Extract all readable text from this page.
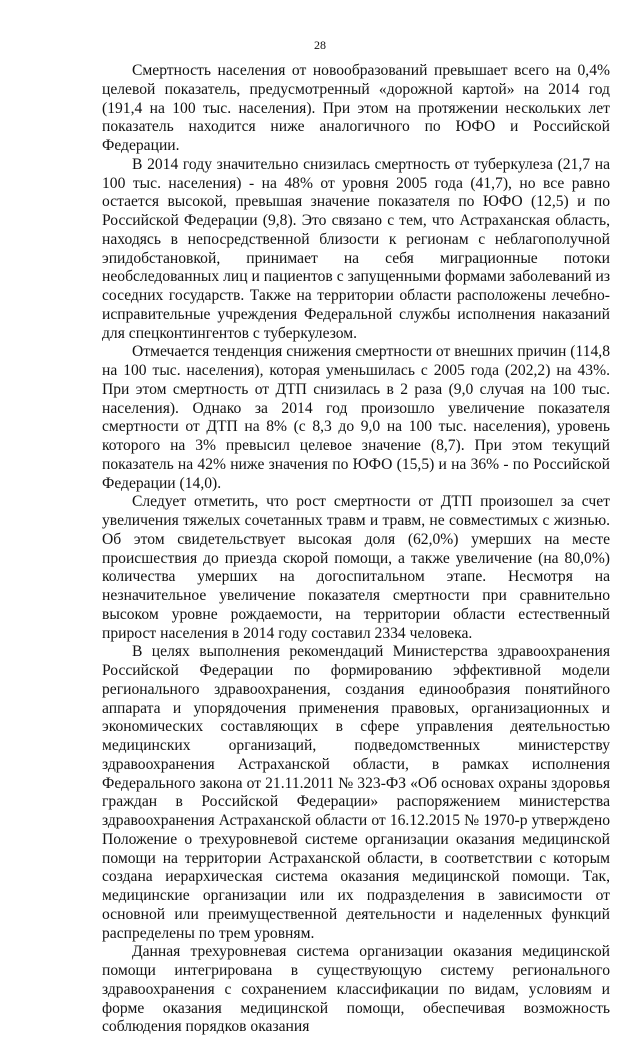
28

Смертность населения от новообразований превышает всего на 0,4% целевой показатель, предусмотренный «дорожной картой» на 2014 год (191,4 на 100 тыс. населения). При этом на протяжении нескольких лет показатель находится ниже аналогичного по ЮФО и Российской Федерации.

В 2014 году значительно снизилась смертность от туберкулеза (21,7 на 100 тыс. населения) - на 48% от уровня 2005 года (41,7), но все равно остается высокой, превышая значение показателя по ЮФО (12,5) и по Российской Федерации (9,8). Это связано с тем, что Астраханская область, находясь в непосредственной близости к регионам с неблагополучной эпидобстановкой, принимает на себя миграционные потоки необследованных лиц и пациентов с запущенными формами заболеваний из соседних государств. Также на территории области расположены лечебно-исправительные учреждения Федеральной службы исполнения наказаний для спецконтингентов с туберкулезом.

Отмечается тенденция снижения смертности от внешних причин (114,8 на 100 тыс. населения), которая уменьшилась с 2005 года (202,2) на 43%. При этом смертность от ДТП снизилась в 2 раза (9,0 случая на 100 тыс. населения). Однако за 2014 год произошло увеличение показателя смертности от ДТП на 8% (с 8,3 до 9,0 на 100 тыс. населения), уровень которого на 3% превысил целевое значение (8,7). При этом текущий показатель на 42% ниже значения по ЮФО (15,5) и на 36% - по Российской Федерации (14,0).

Следует отметить, что рост смертности от ДТП произошел за счет увеличения тяжелых сочетанных травм и травм, не совместимых с жизнью. Об этом свидетельствует высокая доля (62,0%) умерших на месте происшествия до приезда скорой помощи, а также увеличение (на 80,0%) количества умерших на догоспитальном этапе. Несмотря на незначительное увеличение показателя смертности при сравнительно высоком уровне рождаемости, на территории области естественный прирост населения в 2014 году составил 2334 человека.

В целях выполнения рекомендаций Министерства здравоохранения Российской Федерации по формированию эффективной модели регионального здравоохранения, создания единообразия понятийного аппарата и упорядочения применения правовых, организационных и экономических составляющих в сфере управления деятельностью медицинских организаций, подведомственных министерству здравоохранения Астраханской области, в рамках исполнения Федерального закона от 21.11.2011 № 323-ФЗ «Об основах охраны здоровья граждан в Российской Федерации» распоряжением министерства здравоохранения Астраханской области от 16.12.2015 № 1970-р утверждено Положение о трехуровневой системе организации оказания медицинской помощи на территории Астраханской области, в соответствии с которым создана иерархическая система оказания медицинской помощи. Так, медицинские организации или их подразделения в зависимости от основной или преимущественной деятельности и наделенных функций распределены по трем уровням.

Данная трехуровневая система организации оказания медицинской помощи интегрирована в существующую систему регионального здравоохранения с сохранением классификации по видам, условиям и форме оказания медицинской помощи, обеспечивая возможность соблюдения порядков оказания
